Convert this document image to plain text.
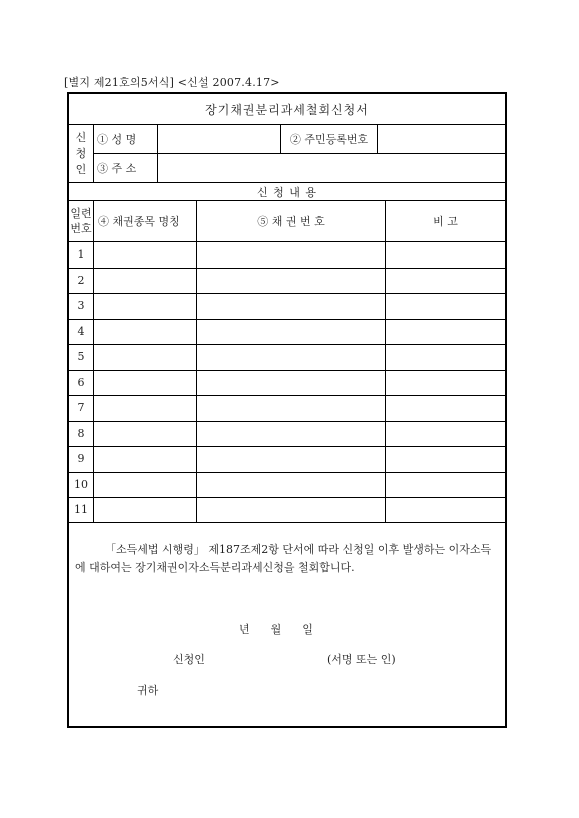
[별지 제21호의5서식] <신설 2007.4.17>
장기채권분리과세철회신청서
신
청
인
① 성 명	② 주민등록번호
③ 주 소
신 청 내 용
일련
번호
④ 채권종목 명칭	⑤ 채 권 번 호	비 고
1
2
3
4
5
6
7
8
9
10
11
「소득세법 시행령」 제187조제2항 단서에 따라 신청일 이후 발생하는 이자소득에 대하여는 장기채권이자소득분리과세신청을 철회합니다.
년      월      일
신청인	(서명 또는 인)
귀하
